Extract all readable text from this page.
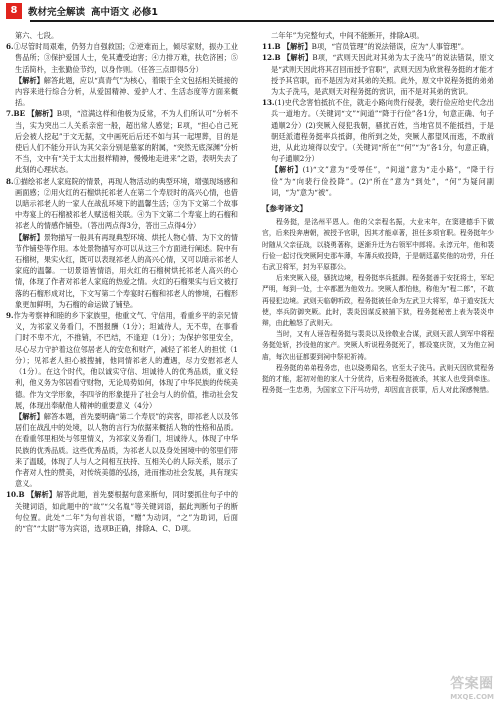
8	教材完全解读 高中语文 必修1

第六、七段。

6.①尽管时局艰难，仍努力自强救国；②逆难而上，倾尽家财，振办工业售品所；③保护爱国人士，免其遭受迫害；④力排万难，扶危济困；⑤生活简朴，主张勤俭节约，以身作则。（任答三点即得5分）

【解析】解答此题，应以“真青气”为核心，着眼于全文包括相关链接的内容来进行综合分析，从爱国精神、爱护人才、生活态度等方面来概括。

7.BE 【解析】B项，“渲满这样和他极为反常，不为人们所认可”分析不当，实为突出二人关系亲密一般，超出常人感觉；E项，“担心自己死后会被人挖起”于文无据，文中画死后后还不如与其一起埋葬，目的是使后人们不能分开认为其父亲分别是墓冢的附属，“突然无底深渊”分析不当，文中有“关于太太出报样精神，慢慢地走进来”之语，表明失去了此刻的心理状态。

8.①描绘祁老人家庭院的情景，再现人物活动的典型环境，增强现场感和画面感；②用火红的石榴烘托祁老人在第二个寿辰时的高兴心情，也借以暗示祁老人的一家人在战乱环境下的温馨生活；③为下文第二个故事中寿宴上的石榴被祁老人赋送相关联。④为下文第二个寿宴上的石榴和祁老人的情感作铺垫。（答出两点得3分，答出三点得4分）

【解析】景物描写一般具有再现典型环境、烘托人物心情、为下文的情节作铺垫等作用。本处景物描写亦可以从这三个方面进行阐述。院中有石榴树，果实火红，既可以表现祁老人的高兴心情，又可以暗示祁老人家庭的温馨。一切景语皆情语，用火红的石榴树烘托祁老人高兴的心情，体现了作者对祁老人家庭的热爱之情。火红的石榴果实与后文被打落的石榴形成对比，下文写第二个寿宴时石榴和祁老人的惨境，石榴形象更加鲜明，为石榴的命运做了铺垫。

9.作为考察神和睦的乡下家族里，他重文气、守信用，看重乡平的亲兄情义，为祁家义务看门，不图报酬（1分）；坦诚待人，无不卑，在事看门时不卑不亢，不推销，不巴结，不逢迎（1分）；为保护邻里安全，尽心尽力守护着这位邻居老人的安危和财产，减轻了祁老人的担忧（1分）；见祁老人担心被搜捕，他同情祁老人的遭遇，尽力安慰祁老人（1分）。在这个时代，他以诚实守信、坦诚待人的优秀品质，重义轻利，他义务为邻居看守财物，无论局势如何，体现了中华民族的传统美德。作为文学形象，李四爷的形象提升了社会与人的价值，推动社会发展，体现出奉献他人精神的重要意义（4分）

【解析】解答本题，首先要明确“第二个寿辰”的宾客，即祁老人以及邻居们在战乱中的处境，以人物的言行为依据来概括人物的性格和品质。在看重邻里相处与邻里情义，为祁家义务看门，坦诚待人，体现了中华民族的优秀品质。这些优秀品质，为祁老人以及身处困境中的邻里们带来了温暖，体现了人与人之间相互扶持、互相关心的人际关系，展示了作者对人性的赞美，对传统美德的弘扬，进而推动社会发展，具有现实意义。

10.B 【解析】解答此题，首先要根据句意来断句，同时要抓住句子中的关键词语，如此题中的“故”“父名胤”等关键词语，据此判断句子的断句位置。此处“二年”为句首状语，“赠”为动词，“之”为助词，后面的“官”“太尉”等为宾语，选项B正确，排除A、C、D项。

二年年”为完整句式，中间不能断开，排除A项。

11.B 【解析】B项，“官员管理”的说法错误，应为“人事管理”。

12.B 【解析】B项，“武则天因此对其弟为太子洗马”的说法错误，原文是“武则天因此将其召回而授予官职”，武则天因为欣赏程务挺的才能才授予其官职，而不是因为对其弟的关照。此外，原文中说程务挺的弟弟为太子洗马，是武则天对程务挺的赏识，而不是对其弟的赏识。

13.(1)史代念害怕抵抗不住，就走小路向贵行侵袭，裴行俭应给史代念出兵一道地方。（关键词“文”“间道”“降于行俭”各1分，句意正确、句子通顺2分）(2)突厥入侵犯我朝，骚扰百姓，当地官员不能抵挡，于是朝廷派遣程务挺率兵抵御，他所到之处，突厥人都望风而逃，不敢前进，从此边境得以安宁。（关键词“所在”“何”“为”各1分，句意正确，句子通顺2分）

【解析】(1)“文”意为“受辱任”，“间道”意为“走小路”，“降于行俭”为“向裴行俭投降”。(2)“所在”意为“到处”，“何”为疑问副词，“为”意为“被”。

【参考译文】

程务挺，是洺州平恩人。他的父亲程名振，大业末年，在窦建德手下做官，后来投奔唐朝，被授予官职，因其才能卓著，担任多项官职。程务挺年少时随从父亲征战，以骁勇著称，逐渐升迁为右领军中郎将。永淳元年，他和裴行俭一起讨伐突厥阿史那车薄，车薄兵败投降，于是朝廷嘉奖他的功劳，升任右武卫将军，封为平原郡公。

后来突厥入侵，骚扰边境，程务挺率兵抵御。程务挺善于安抚将士，军纪严明，每到一处，士卒都愿为他效力。突厥人都怕他，称他为“程二郎”，不敢再侵犯边境。武则天临朝听政，程务挺被任命为左武卫大将军，单于道安抚大使，率兵防御突厥。此时，裴炎因谋反被捕下狱，程务挺秘密上表为裴炎申辩，由此触怒了武则天。

当时，又有人诬告程务挺与裴炎以及徐敬业合谋，武则天派人到军中将程务挺处斩，抄没他的家产。突厥人听说程务挺死了，都设宴庆贺，又为他立祠庙，每次出征都要到祠中祭祀祈祷。

程务挺的弟弟程务忠，也以骁勇闻名，官至太子洗马。武则天因欣赏程务挺的才能，起初对他的家人十分优待，后来程务挺被杀，其家人也受到牵连。程务挺一生忠勇，为国家立下汗马功劳，却因直言获罪，后人对此深感惋惜。

答案圈
MXQE.COM
